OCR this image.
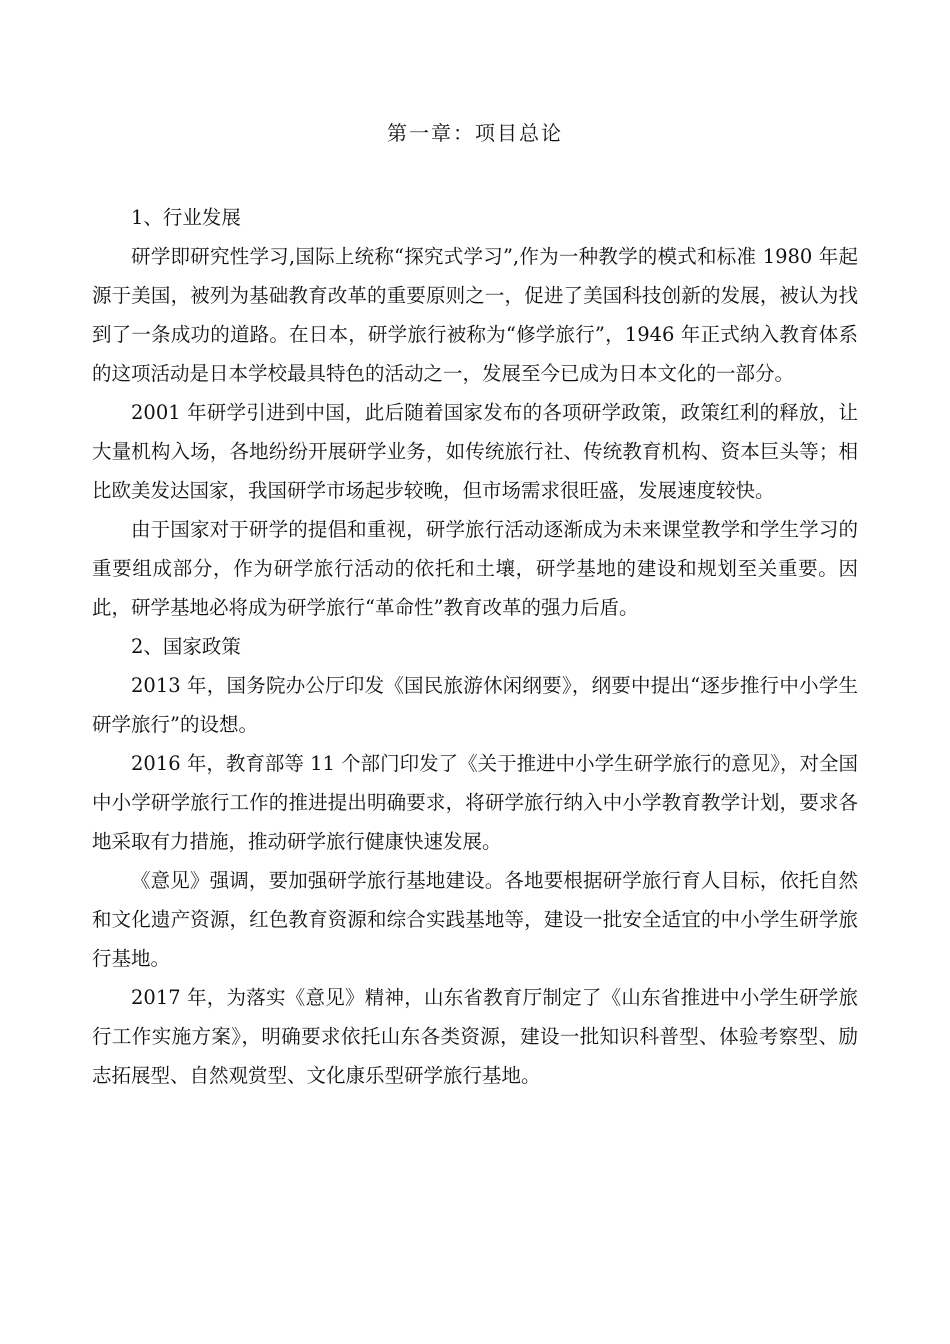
第一章：项目总论
1、行业发展

研学即研究性学习,国际上统称“探究式学习”,作为一种教学的模式和标准 1980 年起源于美国，被列为基础教育改革的重要原则之一，促进了美国科技创新的发展，被认为找到了一条成功的道路。在日本，研学旅行被称为“修学旅行”，1946 年正式纳入教育体系的这项活动是日本学校最具特色的活动之一，发展至今已成为日本文化的一部分。

2001 年研学引进到中国，此后随着国家发布的各项研学政策，政策红利的释放，让大量机构入场，各地纷纷开展研学业务，如传统旅行社、传统教育机构、资本巨头等；相比欧美发达国家，我国研学市场起步较晚，但市场需求很旺盛，发展速度较快。

由于国家对于研学的提倡和重视，研学旅行活动逐渐成为未来课堂教学和学生学习的重要组成部分，作为研学旅行活动的依托和土壤，研学基地的建设和规划至关重要。因此，研学基地必将成为研学旅行“革命性”教育改革的强力后盾。

2、国家政策

2013 年，国务院办公厅印发《国民旅游休闲纲要》，纲要中提出“逐步推行中小学生研学旅行”的设想。

2016 年，教育部等 11 个部门印发了《关于推进中小学生研学旅行的意见》，对全国中小学研学旅行工作的推进提出明确要求，将研学旅行纳入中小学教育教学计划，要求各地采取有力措施，推动研学旅行健康快速发展。

《意见》强调，要加强研学旅行基地建设。各地要根据研学旅行育人目标，依托自然和文化遗产资源，红色教育资源和综合实践基地等，建设一批安全适宜的中小学生研学旅行基地。

2017 年，为落实《意见》精神，山东省教育厅制定了《山东省推进中小学生研学旅行工作实施方案》，明确要求依托山东各类资源，建设一批知识科普型、体验考察型、励志拓展型、自然观赏型、文化康乐型研学旅行基地。
